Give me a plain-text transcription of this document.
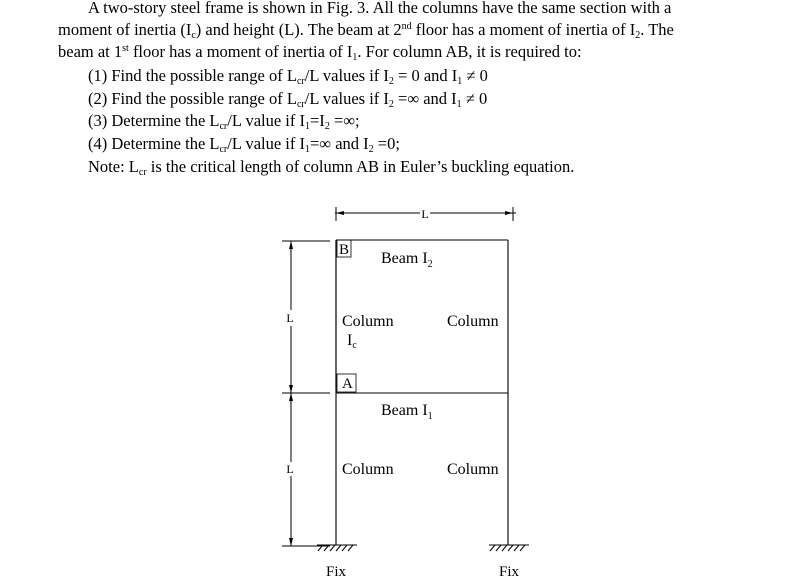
A two-story steel frame is shown in Fig. 3. All the columns have the same section with a
moment of inertia $(I_c)$ and height (L). The beam at 2nd floor has a moment of inertia of $I_2$. The
beam at 1st floor has a moment of inertia of $I_1$. For column AB, it is required to:
(1) Find the possible range of $L_{cr}/L$ values if $I_2 = 0$ and $I_1 \ne 0$
(2) Find the possible range of $L_{cr}/L$ values if $I_2$ =∞ and $I_1 \ne 0$
(3) Determine the $L_{cr}/L$ value if $I_1=I_2$ =∞;
(4) Determine the $L_{cr}/L$ value if $I_1=\infty$ and $I_2 =0$;
Note: $L_{cr}$ is the critical length of column AB in Euler’s buckling equation.
L
L
L
B
A
Beam $I_2$
Beam $I_1$
Column
Ic
Column
Column	Column
Fix	Fix
